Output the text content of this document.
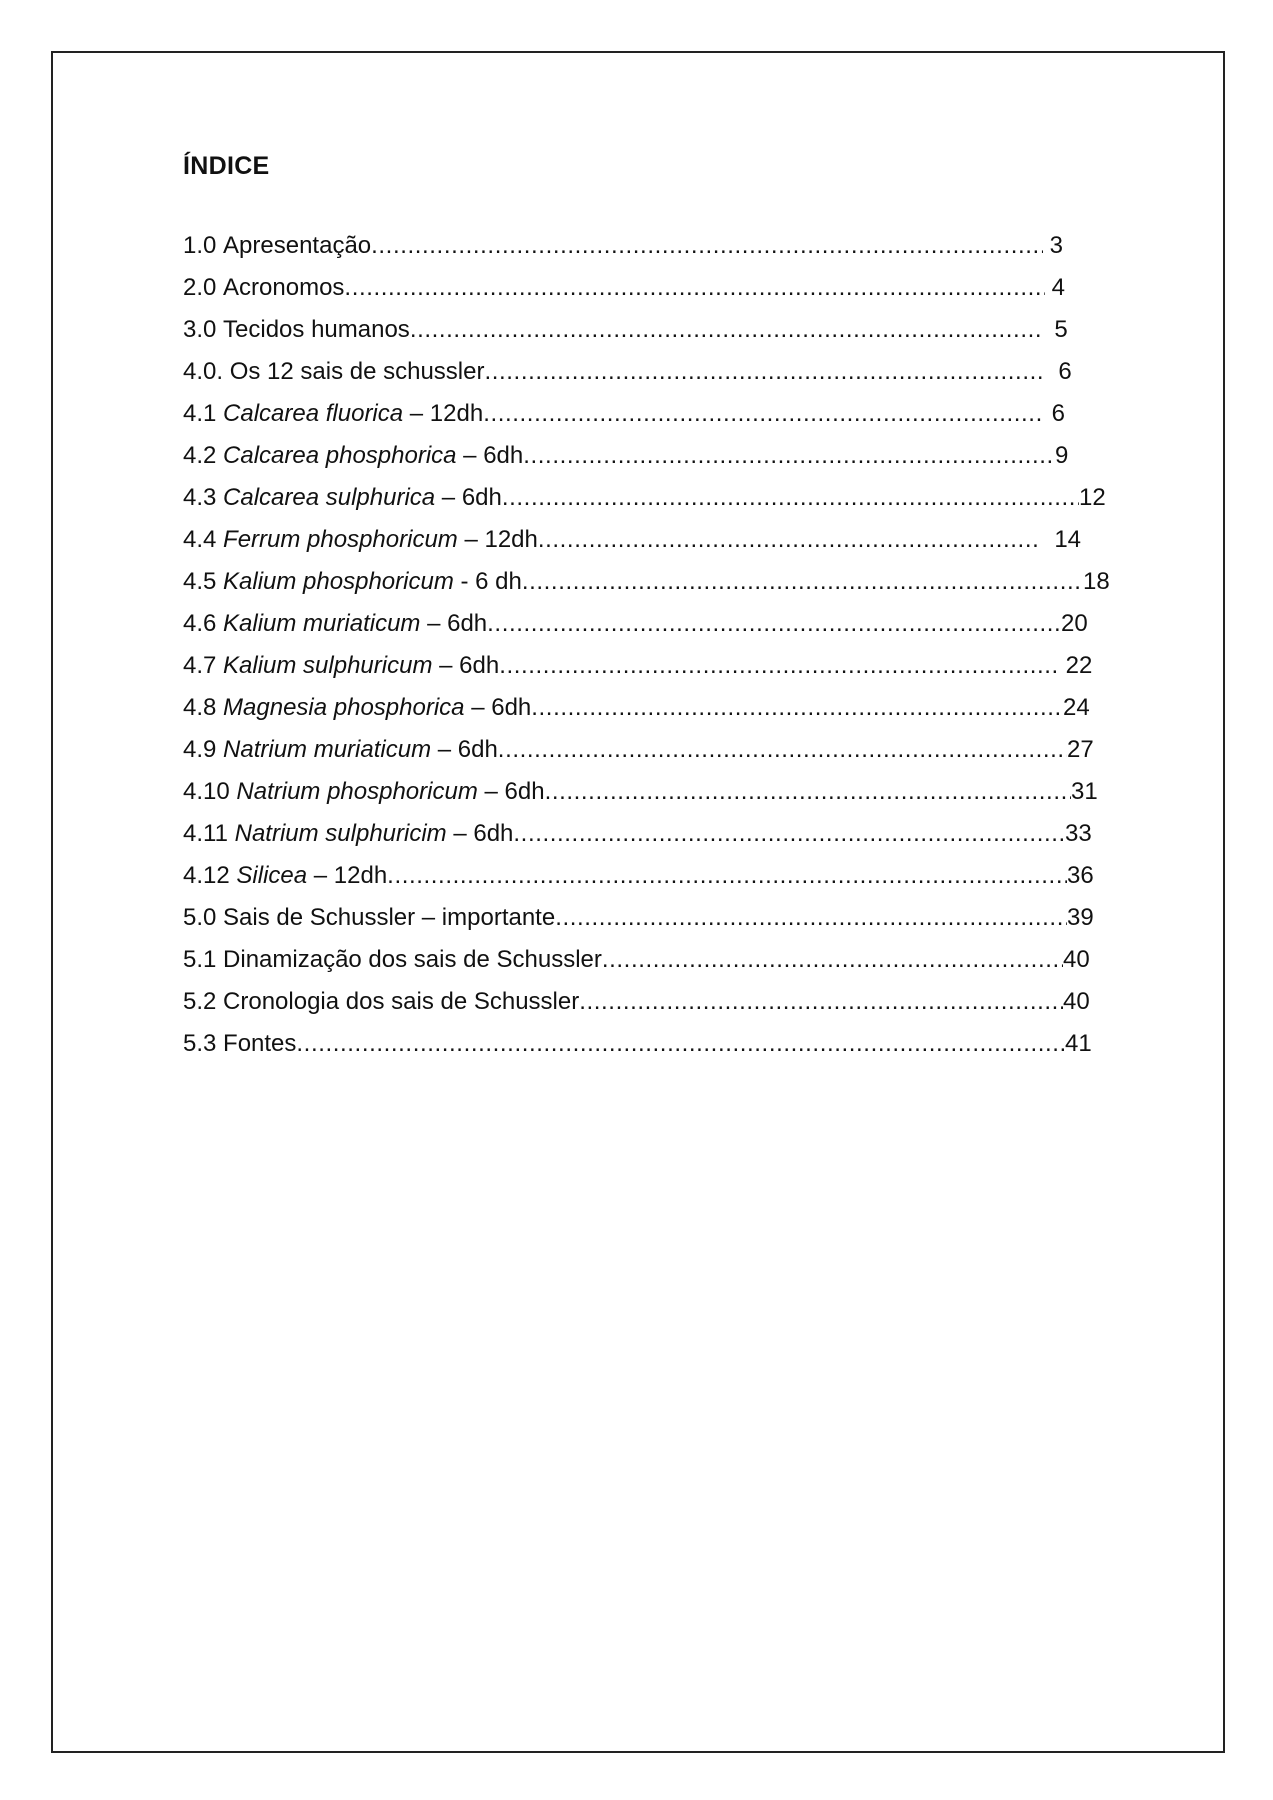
ÍNDICE
1.0 Apresentação .....	3
2.0 Acronomos .....	4
3.0 Tecidos humanos .....	5
4.0. Os 12 sais de schussler .....	6
4.1 Calcarea fluorica – 12dh .....	6
4.2 Calcarea phosphorica – 6dh .....	9
4.3 Calcarea sulphurica – 6dh .....	12
4.4 Ferrum phosphoricum – 12dh .....	14
4.5 Kalium phosphoricum - 6 dh .....	18
4.6 Kalium muriaticum – 6dh .....	20
4.7 Kalium sulphuricum – 6dh .....	22
4.8 Magnesia phosphorica – 6dh .....	24
4.9 Natrium muriaticum – 6dh .....	27
4.10 Natrium phosphoricum – 6dh .....	31
4.11 Natrium sulphuricim – 6dh .....	33
4.12 Silicea – 12dh .....	36
5.0 Sais de Schussler – importante .....	39
5.1 Dinamização dos sais de Schussler .....	40
5.2 Cronologia dos sais de Schussler .....	40
5.3 Fontes .....	41
